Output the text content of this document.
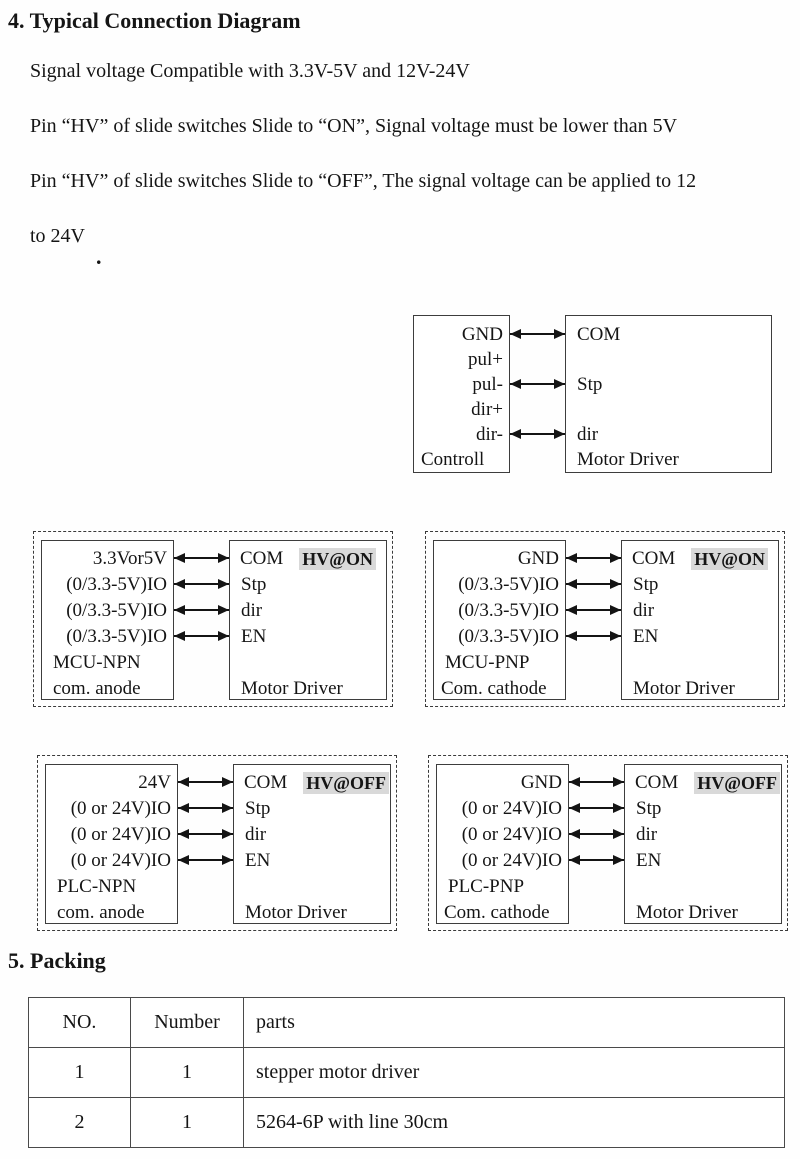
4. Typical Connection Diagram
Signal voltage Compatible with 3.3V-5V and 12V-24V
Pin “HV” of slide switches Slide to “ON”, Signal voltage must be lower than 5V
Pin “HV” of slide switches Slide to “OFF”, The signal voltage can be applied to 12
to 24V
.
GND
pul+
pul-
dir+
dir-
Controll
COM
Stp
dir
Motor Driver
3.3Vor5V
(0/3.3-5V)IO
(0/3.3-5V)IO
(0/3.3-5V)IO
MCU-NPN
com. anode
COM HV@ON
Stp
dir
EN
Motor Driver
GND
(0/3.3-5V)IO
(0/3.3-5V)IO
(0/3.3-5V)IO
MCU-PNP
Com. cathode
COM HV@ON
Stp
dir
EN
Motor Driver
24V
(0 or 24V)IO
(0 or 24V)IO
(0 or 24V)IO
PLC-NPN
com. anode
COM HV@OFF
Stp
dir
EN
Motor Driver
GND
(0 or 24V)IO
(0 or 24V)IO
(0 or 24V)IO
PLC-PNP
Com. cathode
COM HV@OFF
Stp
dir
EN
Motor Driver
5. Packing
NO.	Number	parts
1	1	stepper motor driver
2	1	5264-6P with line 30cm
